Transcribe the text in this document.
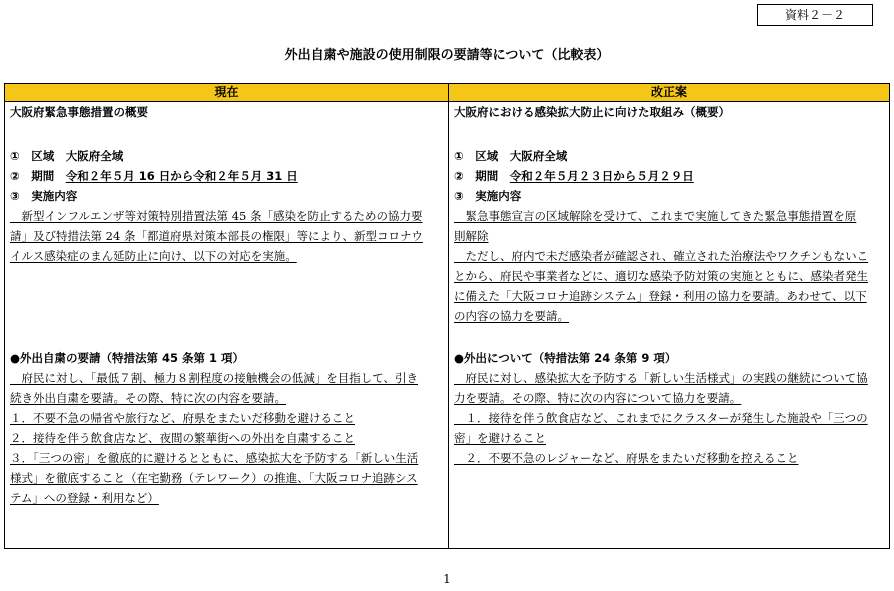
資料２－２
外出自粛や施設の使用制限の要請等について（比較表）
現在	改正案
大阪府緊急事態措置の概要
①　区域　大阪府全域
②　期間　令和２年５月 16 日から令和２年５月 31 日
③　実施内容
　新型インフルエンザ等対策特別措置法第 45 条「感染を防止するための協力要
請」及び特措法第 24 条「都道府県対策本部長の権限」等により、新型コロナウ
イルス感染症のまん延防止に向け、以下の対応を実施。
●外出自粛の要請（特措法第 45 条第 1 項）
　府民に対し、「最低７割、極力８割程度の接触機会の低減」を目指して、引き
続き外出自粛を要請。その際、特に次の内容を要請。
１．不要不急の帰省や旅行など、府県をまたいだ移動を避けること
２．接待を伴う飲食店など、夜間の繁華街への外出を自粛すること
３．「三つの密」を徹底的に避けるとともに、感染拡大を予防する「新しい生活
様式」を徹底すること（在宅勤務（テレワーク）の推進、「大阪コロナ追跡シス
テム」への登録・利用など）
大阪府における感染拡大防止に向けた取組み（概要）
①　区域　大阪府全域
②　期間　令和２年５月２３日から５月２９日
③　実施内容
　緊急事態宣言の区域解除を受けて、これまで実施してきた緊急事態措置を原
則解除
　ただし、府内で未だ感染者が確認され、確立された治療法やワクチンもないこ
とから、府民や事業者などに、適切な感染予防対策の実施とともに、感染者発生
に備えた「大阪コロナ追跡システム」登録・利用の協力を要請。あわせて、以下
の内容の協力を要請。
●外出について（特措法第 24 条第 9 項）
　府民に対し、感染拡大を予防する「新しい生活様式」の実践の継続について協
力を要請。その際、特に次の内容について協力を要請。
　１．接待を伴う飲食店など、これまでにクラスターが発生した施設や「三つの
密」を避けること
　２．不要不急のレジャーなど、府県をまたいだ移動を控えること
1
